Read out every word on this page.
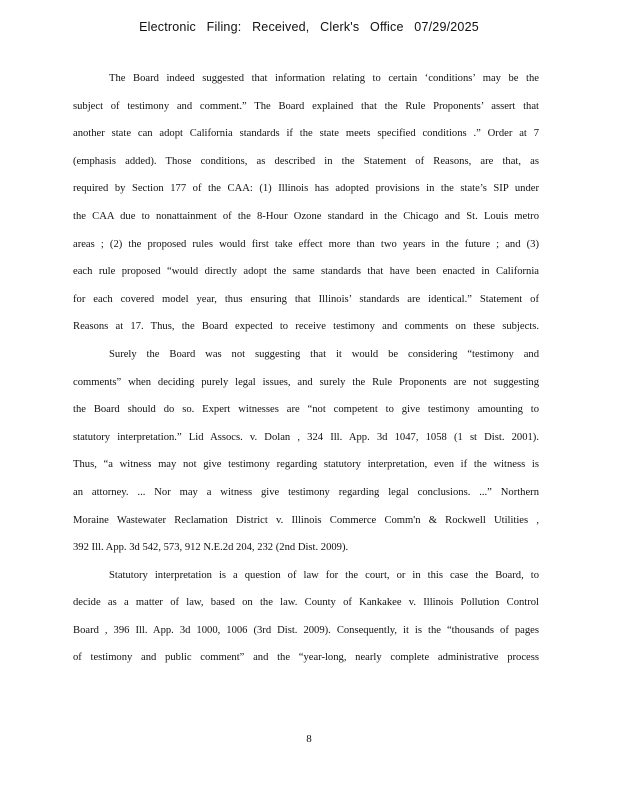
Electronic Filing: Received, Clerk's Office 07/29/2025
The Board indeed suggested that information relating to certain ‘conditions’ may be the
subject of testimony and comment.” The Board explained that the Rule Proponents’ assert that
another state can adopt California standards if the state meets specified conditions .” Order at 7
(emphasis added). Those conditions, as described in the Statement of Reasons, are that, as
required by Section 177 of the CAA: (1) Illinois has adopted provisions in the state’s SIP under
the CAA due to nonattainment of the 8-Hour Ozone standard in the Chicago and St. Louis metro
areas ; (2) the proposed rules would first take effect more than two years in the future ; and (3)
each rule proposed “would directly adopt the same standards that have been enacted in California
for each covered model year, thus ensuring that Illinois’ standards are identical.” Statement of
Reasons at 17. Thus, the Board expected to receive testimony and comments on these subjects.
Surely the Board was not suggesting that it would be considering “testimony and
comments” when deciding purely legal issues, and surely the Rule Proponents are not suggesting
the Board should do so. Expert witnesses are “not competent to give testimony amounting to
statutory interpretation.” Lid Assocs. v. Dolan , 324 Ill. App. 3d 1047, 1058 (1 st Dist. 2001).
Thus, “a witness may not give testimony regarding statutory interpretation, even if the witness is
an attorney. ... Nor may a witness give testimony regarding legal conclusions. ...” Northern
Moraine Wastewater Reclamation District v. Illinois Commerce Comm'n & Rockwell Utilities ,
392 Ill. App. 3d 542, 573, 912 N.E.2d 204, 232 (2nd Dist. 2009).
Statutory interpretation is a question of law for the court, or in this case the Board, to
decide as a matter of law, based on the law. County of Kankakee v. Illinois Pollution Control
Board , 396 Ill. App. 3d 1000, 1006 (3rd Dist. 2009). Consequently, it is the “thousands of pages
of testimony and public comment” and the “year-long, nearly complete administrative process
8
